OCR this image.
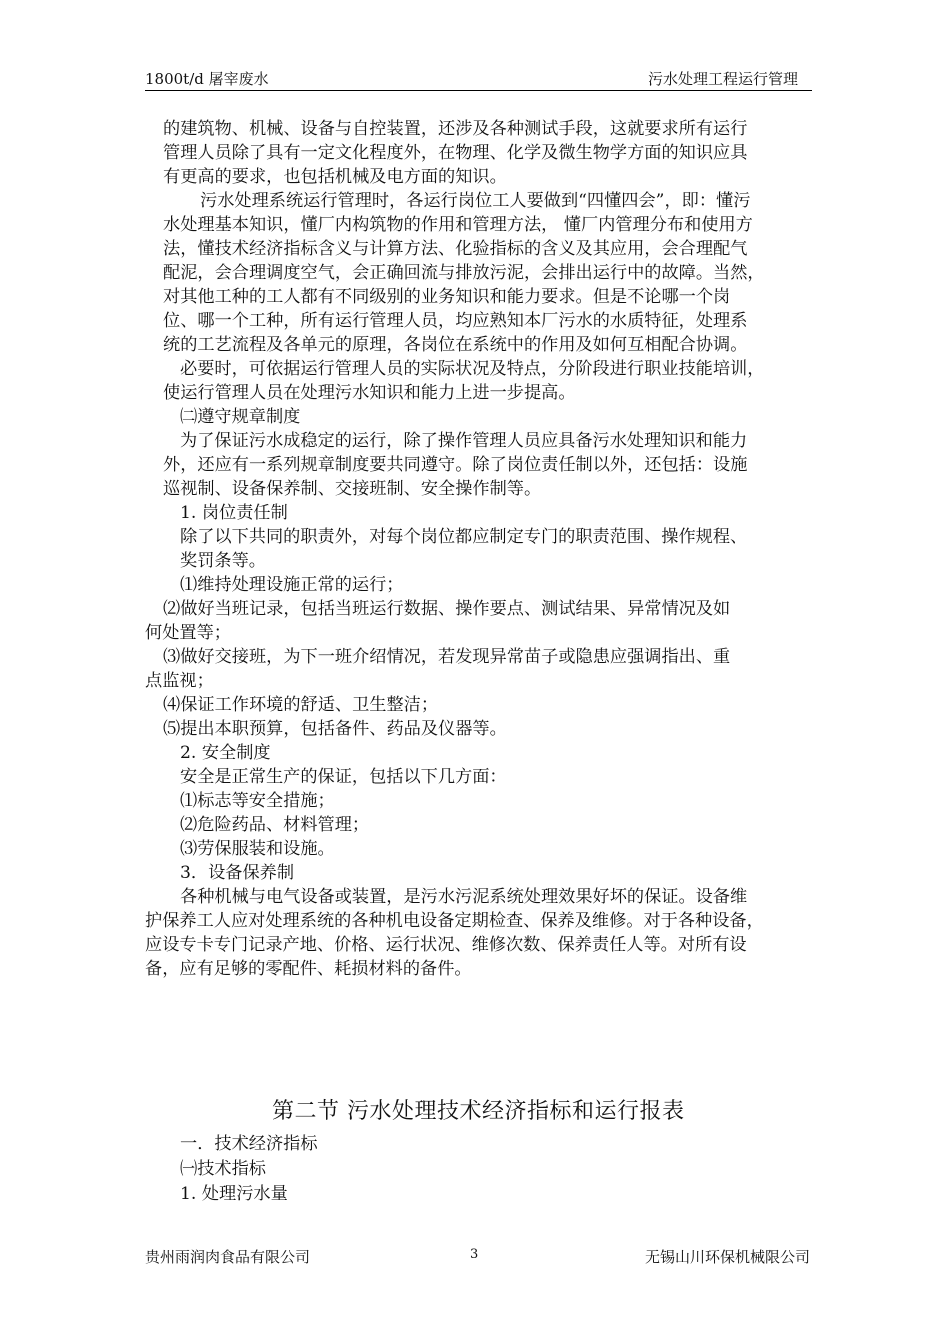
1800t/d 屠宰废水	污水处理工程运行管理
的建筑物、机械、设备与自控装置，还涉及各种测试手段，这就要求所有运行
管理人员除了具有一定文化程度外，在物理、化学及微生物学方面的知识应具
有更高的要求，也包括机械及电方面的知识。
污水处理系统运行管理时，各运行岗位工人要做到“四懂四会”，即：懂污
水处理基本知识，懂厂内构筑物的作用和管理方法， 懂厂内管理分布和使用方
法，懂技术经济指标含义与计算方法、化验指标的含义及其应用，会合理配气
配泥，会合理调度空气，会正确回流与排放污泥，会排出运行中的故障。当然，
对其他工种的工人都有不同级别的业务知识和能力要求。但是不论哪一个岗
位、哪一个工种，所有运行管理人员，均应熟知本厂污水的水质特征，处理系
统的工艺流程及各单元的原理，各岗位在系统中的作用及如何互相配合协调。
必要时，可依据运行管理人员的实际状况及特点，分阶段进行职业技能培训，
使运行管理人员在处理污水知识和能力上进一步提高。
㈡遵守规章制度
为了保证污水成稳定的运行，除了操作管理人员应具备污水处理知识和能力
外，还应有一系列规章制度要共同遵守。除了岗位责任制以外，还包括：设施
巡视制、设备保养制、交接班制、安全操作制等。
1. 岗位责任制
除了以下共同的职责外，对每个岗位都应制定专门的职责范围、操作规程、
奖罚条等。
⑴维持处理设施正常的运行；
⑵做好当班记录，包括当班运行数据、操作要点、测试结果、异常情况及如
何处置等；
⑶做好交接班，为下一班介绍情况，若发现异常苗子或隐患应强调指出、重
点监视；
⑷保证工作环境的舒适、卫生整洁；
⑸提出本职预算，包括备件、药品及仪器等。
2. 安全制度
安全是正常生产的保证，包括以下几方面：
⑴标志等安全措施；
⑵危险药品、材料管理；
⑶劳保服装和设施。
3．设备保养制
各种机械与电气设备或装置，是污水污泥系统处理效果好坏的保证。设备维
护保养工人应对处理系统的各种机电设备定期检查、保养及维修。对于各种设备，
应设专卡专门记录产地、价格、运行状况、维修次数、保养责任人等。对所有设
备，应有足够的零配件、耗损材料的备件。
第二节 污水处理技术经济指标和运行报表
一．技术经济指标
㈠技术指标
1. 处理污水量
贵州雨润肉食品有限公司	3	无锡山川环保机械限公司
